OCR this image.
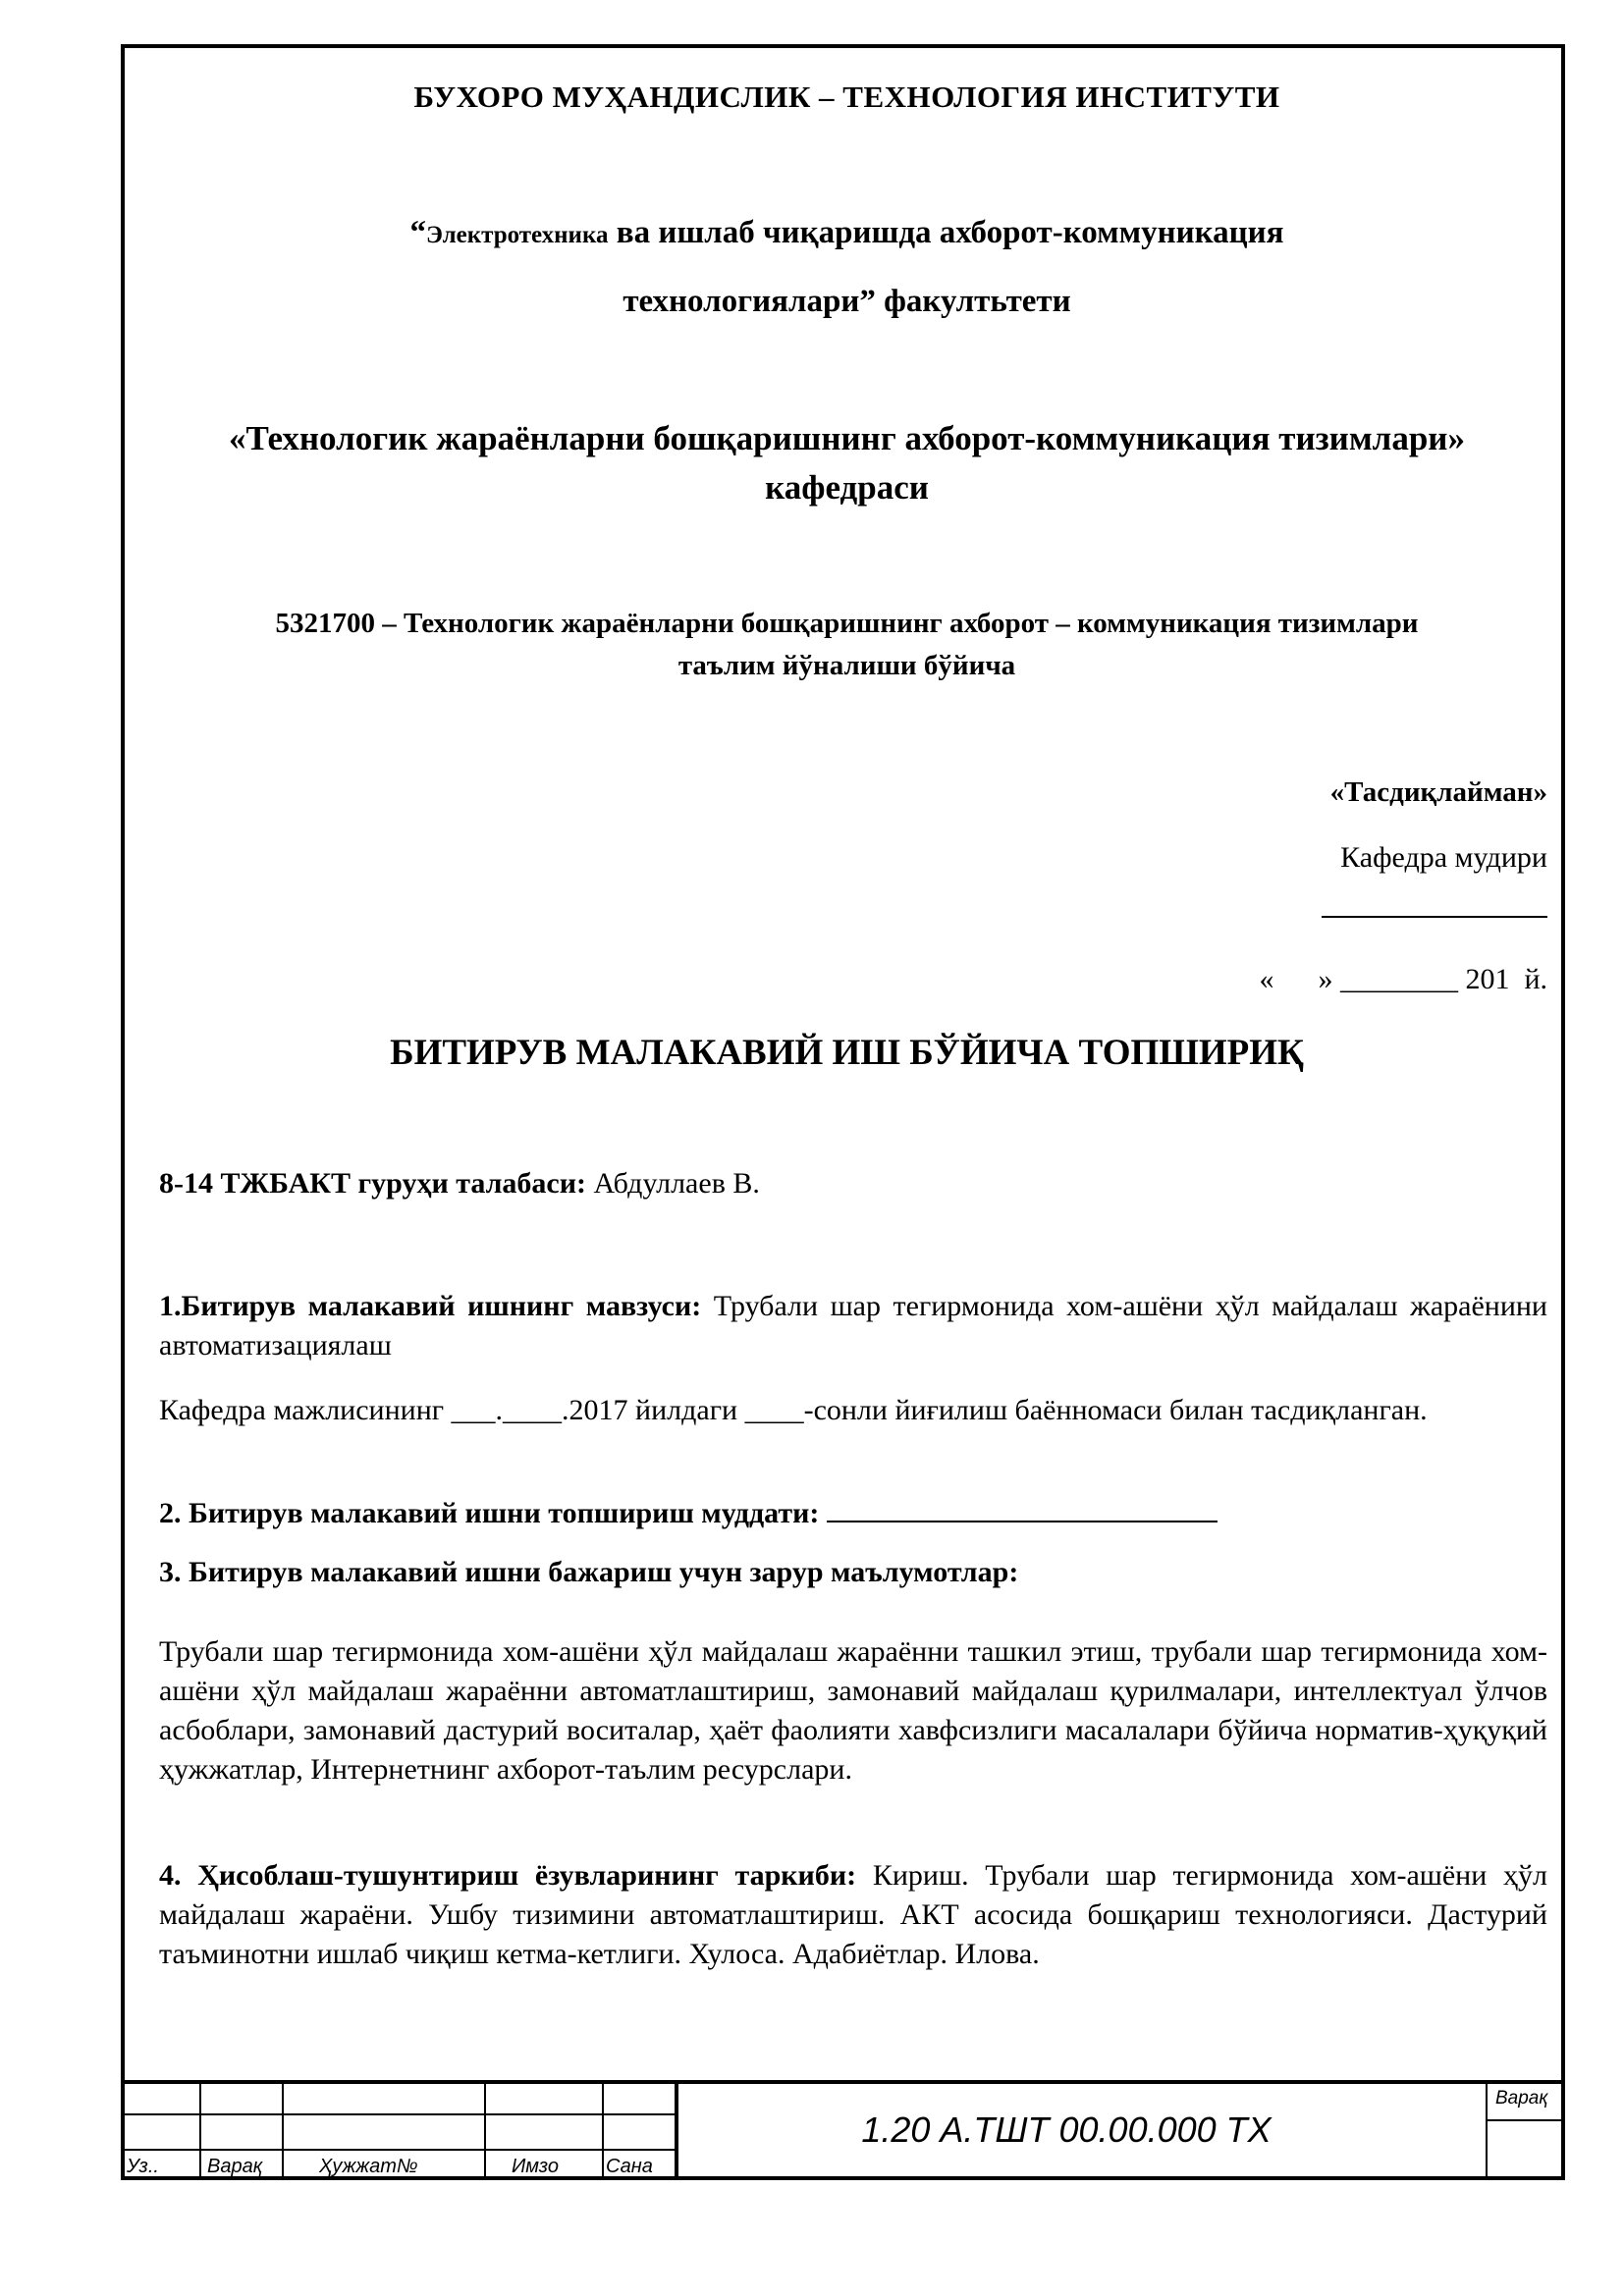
БУХОРО МУҲАНДИСЛИК – ТЕХНОЛОГИЯ ИНСТИТУТИ
“Электротехника ва ишлаб чиқаришда ахборот-коммуникация
технологиялари” факултьтети
«Технологик жараёнларни бошқаришнинг ахборот-коммуникация тизимлари»
кафедраси
5321700 – Технологик жараёнларни бошқаришнинг ахборот – коммуникация тизимлари
таълим йўналиши бўйича
«Тасдиқлайман»
Кафедра мудири
«      » ________ 201  й.
БИТИРУВ МАЛАКАВИЙ ИШ БЎЙИЧА ТОПШИРИҚ
8-14 ТЖБАКТ гуруҳи талабаси: Абдуллаев В.
1.Битирув малакавий ишнинг мавзуси: Трубали шар тегирмонида хом-ашёни ҳўл майдалаш жараёнини автоматизациялаш
Кафедра мажлисининг ___.____.2017 йилдаги ____-сонли йиғилиш баённомаси билан тасдиқланган.
2. Битирув малакавий ишни топшириш муддати:
3. Битирув малакавий ишни бажариш учун зарур маълумотлар:
Трубали шар тегирмонида хом-ашёни ҳўл майдалаш жараённи ташкил этиш, трубали шар тегирмонида хом-ашёни ҳўл майдалаш жараённи автоматлаштириш, замонавий майдалаш қурилмалари, интеллектуал ўлчов асбоблари, замонавий дастурий воситалар, ҳаёт фаолияти хавфсизлиги масалалари бўйича норматив-ҳуқуқий ҳужжатлар, Интернетнинг ахборот-таълим ресурслари.
4. Ҳисоблаш-тушунтириш ёзувларининг таркиби: Кириш. Трубали шар тегирмонида хом-ашёни ҳўл майдалаш жараёни. Ушбу тизимини автоматлаштириш. АКТ асосида бошқариш технологияси. Дастурий таъминотни ишлаб чиқиш кетма-кетлиги. Хулоса. Адабиётлар. Илова.
Уз.. Варақ	Ҳужжат№	Имзо Сана
1.20 А.ТШТ 00.00.000 ТХ
Варақ
